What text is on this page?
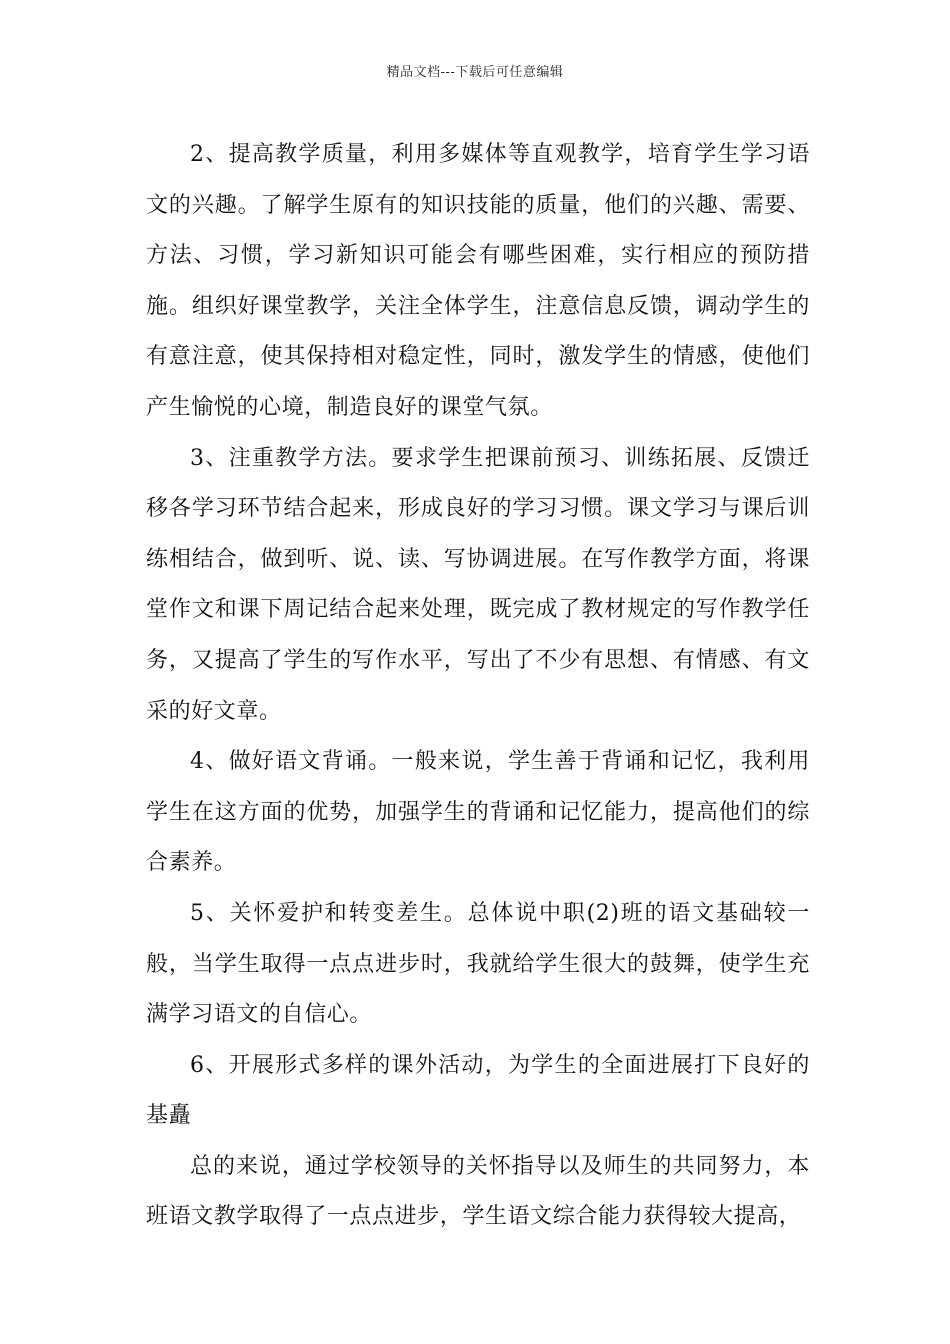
精品文档---下载后可任意编辑

2、提高教学质量，利用多媒体等直观教学，培育学生学习语文的兴趣。了解学生原有的知识技能的质量，他们的兴趣、需要、方法、习惯，学习新知识可能会有哪些困难，实行相应的预防措施。组织好课堂教学，关注全体学生，注意信息反馈，调动学生的有意注意，使其保持相对稳定性，同时，激发学生的情感，使他们产生愉悦的心境，制造良好的课堂气氛。

3、注重教学方法。要求学生把课前预习、训练拓展、反馈迁移各学习环节结合起来，形成良好的学习习惯。课文学习与课后训练相结合，做到听、说、读、写协调进展。在写作教学方面，将课堂作文和课下周记结合起来处理，既完成了教材规定的写作教学任务，又提高了学生的写作水平，写出了不少有思想、有情感、有文采的好文章。

4、做好语文背诵。一般来说，学生善于背诵和记忆，我利用学生在这方面的优势，加强学生的背诵和记忆能力，提高他们的综合素养。

5、关怀爱护和转变差生。总体说中职(2)班的语文基础较一般，当学生取得一点点进步时，我就给学生很大的鼓舞，使学生充满学习语文的自信心。

6、开展形式多样的课外活动，为学生的全面进展打下良好的基矗

总的来说，通过学校领导的关怀指导以及师生的共同努力，本班语文教学取得了一点点进步，学生语文综合能力获得较大提高，
